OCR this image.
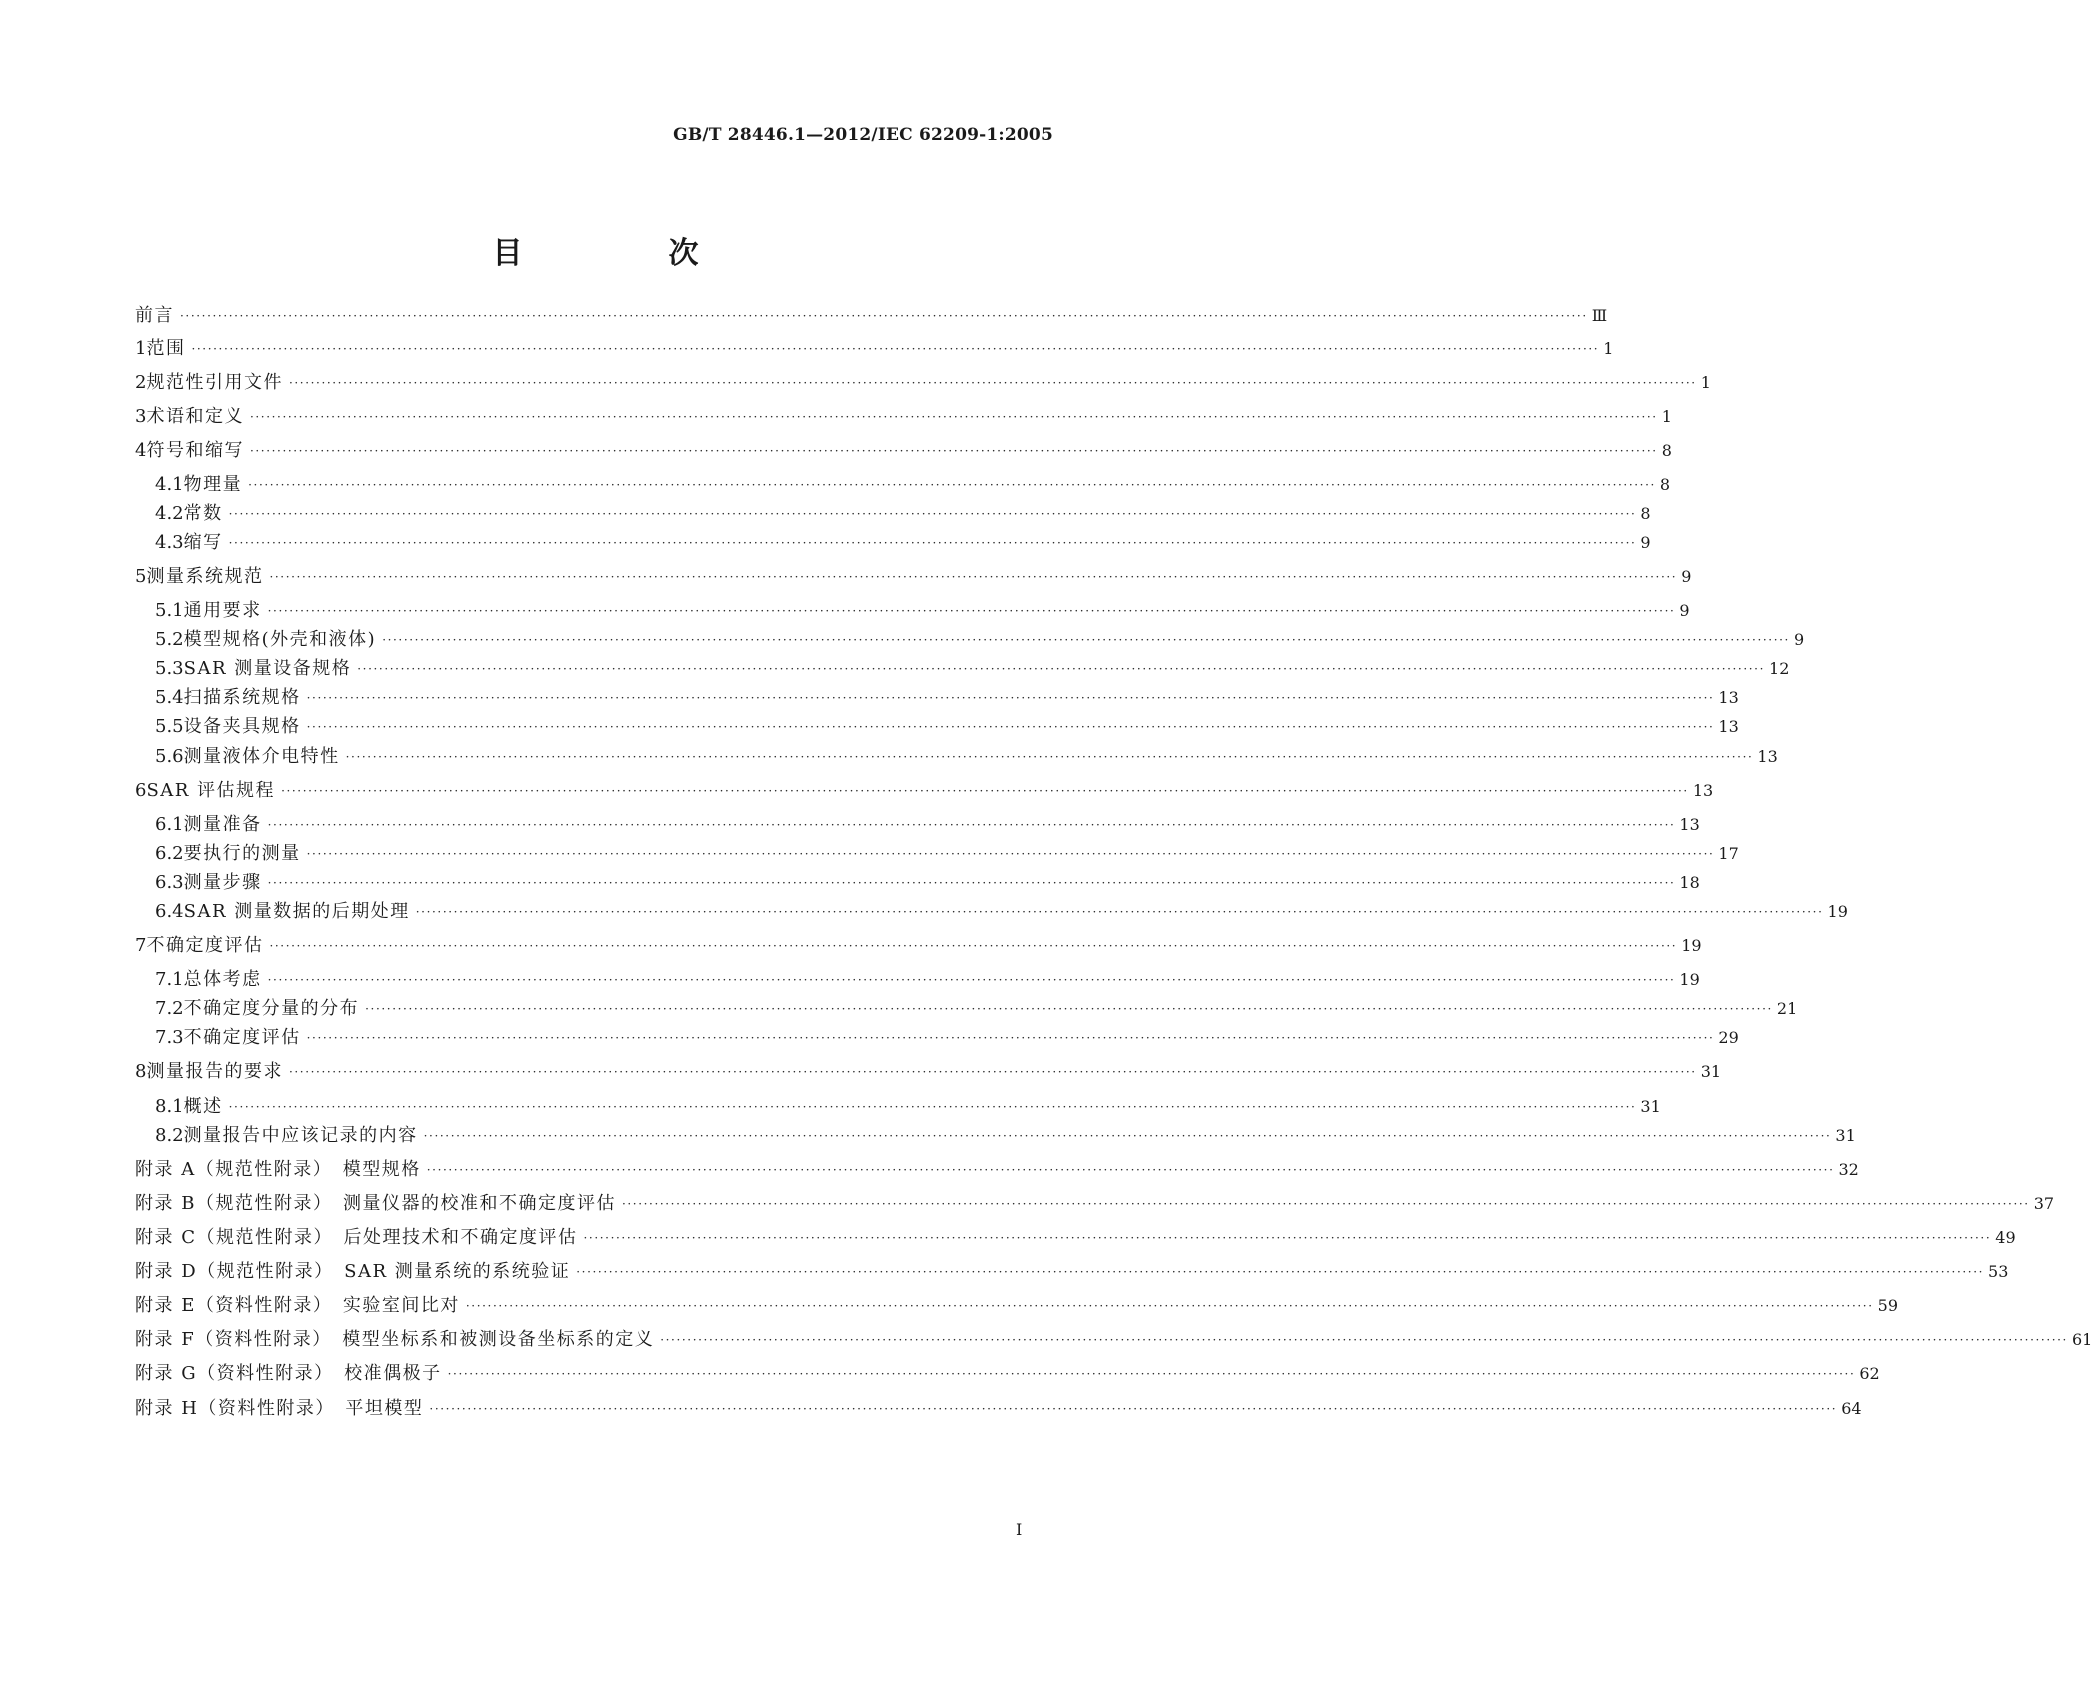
GB/T 28446.1—2012/IEC 62209-1:2005
目　次
前言 ···································································································································································································································································· Ⅲ
1 范围 ···································································································································································································································································· 1
2 规范性引用文件 ···································································································································································································································································· 1
3 术语和定义 ···································································································································································································································································· 1
4 符号和缩写 ···································································································································································································································································· 8
4.1 物理量 ···································································································································································································································································· 8
4.2 常数 ···································································································································································································································································· 8
4.3 缩写 ···································································································································································································································································· 9
5 测量系统规范 ···································································································································································································································································· 9
5.1 通用要求 ···································································································································································································································································· 9
5.2 模型规格(外壳和液体) ···································································································································································································································································· 9
5.3 SAR 测量设备规格 ···································································································································································································································································· 12
5.4 扫描系统规格 ···································································································································································································································································· 13
5.5 设备夹具规格 ···································································································································································································································································· 13
5.6 测量液体介电特性 ···································································································································································································································································· 13
6 SAR 评估规程 ···································································································································································································································································· 13
6.1 测量准备 ···································································································································································································································································· 13
6.2 要执行的测量 ···································································································································································································································································· 17
6.3 测量步骤 ···································································································································································································································································· 18
6.4 SAR 测量数据的后期处理 ···································································································································································································································································· 19
7 不确定度评估 ···································································································································································································································································· 19
7.1 总体考虑 ···································································································································································································································································· 19
7.2 不确定度分量的分布 ···································································································································································································································································· 21
7.3 不确定度评估 ···································································································································································································································································· 29
8 测量报告的要求 ···································································································································································································································································· 31
8.1 概述 ···································································································································································································································································· 31
8.2 测量报告中应该记录的内容 ···································································································································································································································································· 31
附录 A（规范性附录）　模型规格 ···································································································································································································································································· 32
附录 B（规范性附录）　测量仪器的校准和不确定度评估 ···································································································································································································································································· 37
附录 C（规范性附录）　后处理技术和不确定度评估 ···································································································································································································································································· 49
附录 D（规范性附录）　SAR 测量系统的系统验证 ···································································································································································································································································· 53
附录 E（资料性附录）　实验室间比对 ···································································································································································································································································· 59
附录 F（资料性附录）　模型坐标系和被测设备坐标系的定义 ···································································································································································································································································· 61
附录 G（资料性附录）　校准偶极子 ···································································································································································································································································· 62
附录 H（资料性附录）　平坦模型 ···································································································································································································································································· 64
I
